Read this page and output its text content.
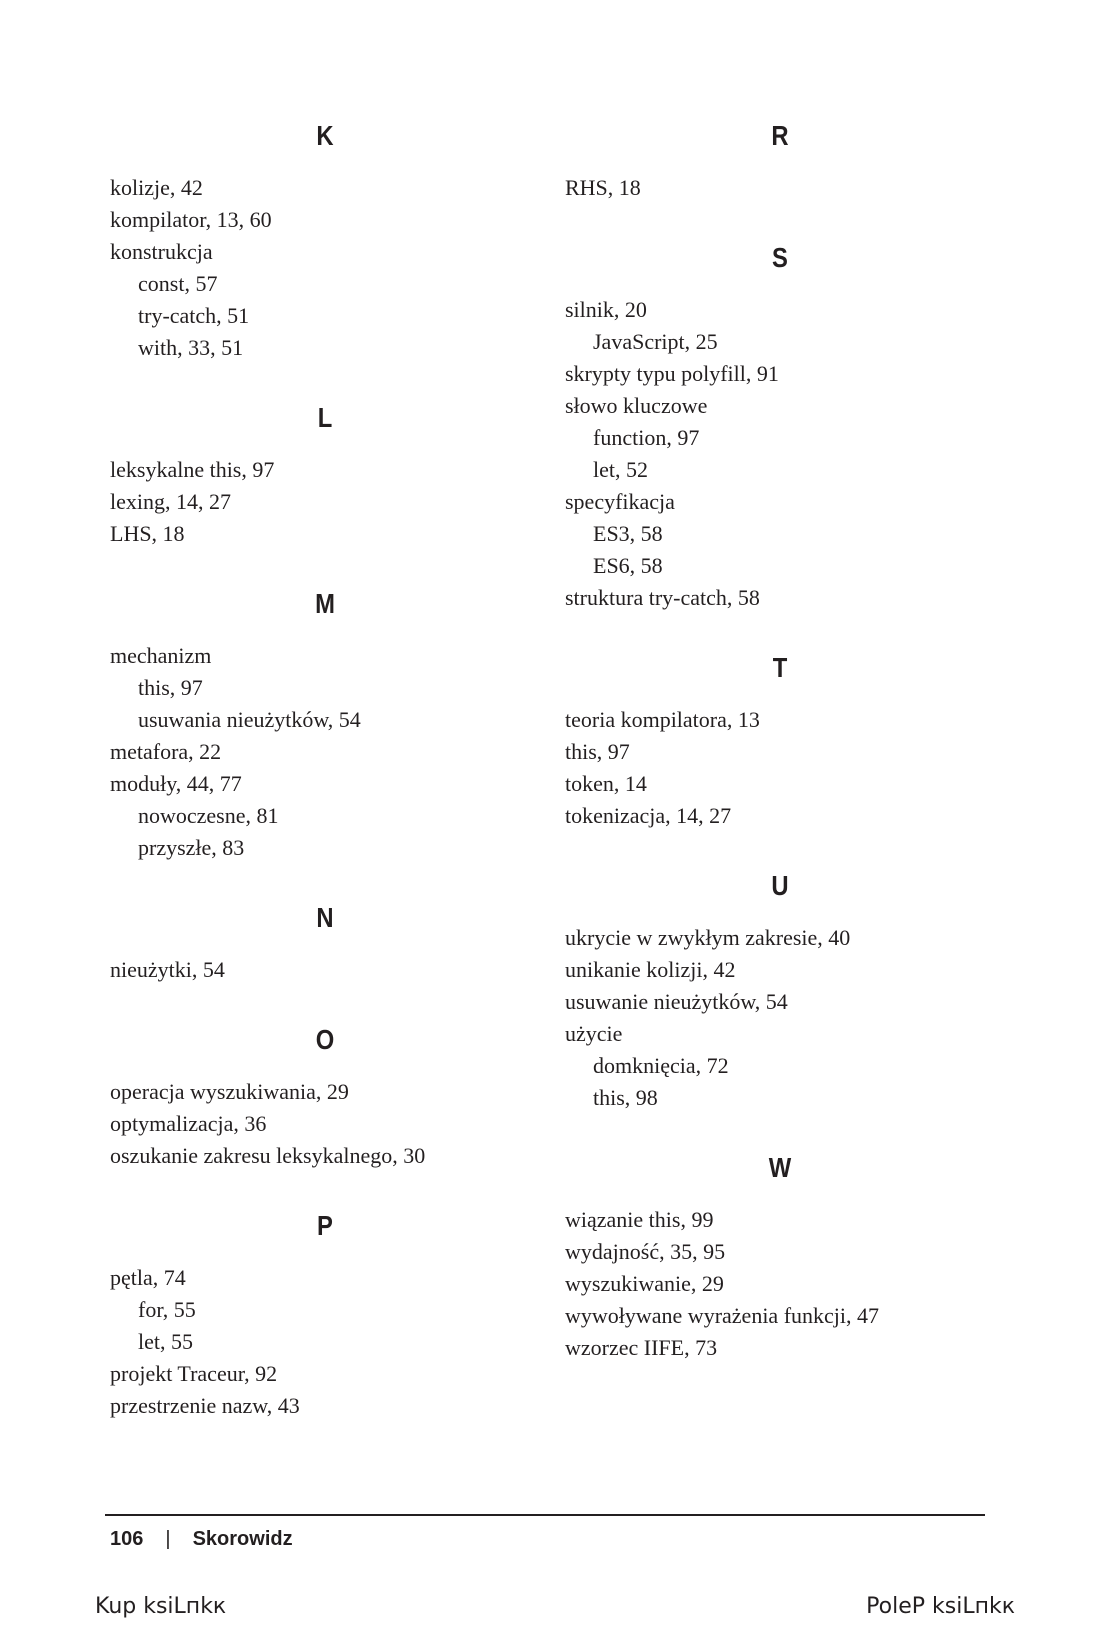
K
kolizje, 42
kompilator, 13, 60
konstrukcja
const, 57
try-catch, 51
with, 33, 51
L
leksykalne this, 97
lexing, 14, 27
LHS, 18
M
mechanizm
this, 97
usuwania nieużytków, 54
metafora, 22
moduły, 44, 77
nowoczesne, 81
przyszłe, 83
N
nieużytki, 54
O
operacja wyszukiwania, 29
optymalizacja, 36
oszukanie zakresu leksykalnego, 30
P
pętla, 74
for, 55
let, 55
projekt Traceur, 92
przestrzenie nazw, 43
R
RHS, 18
S
silnik, 20
JavaScript, 25
skrypty typu polyfill, 91
słowo kluczowe
function, 97
let, 52
specyfikacja
ES3, 58
ES6, 58
struktura try-catch, 58
T
teoria kompilatora, 13
this, 97
token, 14
tokenizacja, 14, 27
U
ukrycie w zwykłym zakresie, 40
unikanie kolizji, 42
usuwanie nieużytków, 54
użycie
domknięcia, 72
this, 98
W
wiązanie this, 99
wydajność, 35, 95
wyszukiwanie, 29
wywoływane wyrażenia funkcji, 47
wzorzec IIFE, 73
106 | Skorowidz
Kup ksiLпkк	PoleP ksiLпkк
